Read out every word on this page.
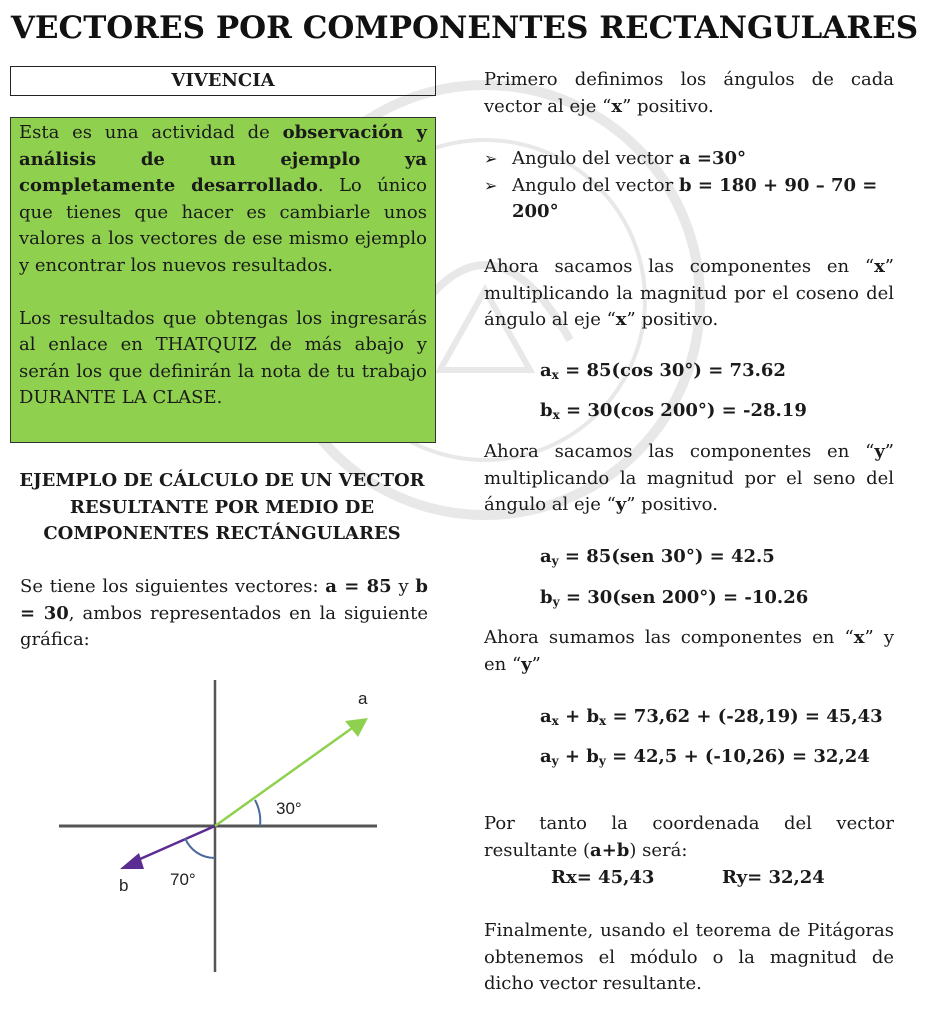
VECTORES POR COMPONENTES RECTANGULARES
VIVENCIA

Esta es una actividad de observación y análisis de un ejemplo ya completamente desarrollado. Lo único que tienes que hacer es cambiarle unos valores a los vectores de ese mismo ejemplo y encontrar los nuevos resultados.

Los resultados que obtengas los ingresarás al enlace en THATQUIZ de más abajo y serán los que definirán la nota de tu trabajo DURANTE LA CLASE.

EJEMPLO DE CÁLCULO DE UN VECTOR RESULTANTE POR MEDIO DE COMPONENTES RECTÁNGULARES

Se tiene los siguientes vectores: a = 85 y b = 30, ambos representados en la siguiente gráfica:

a
b
30°
70°

Primero definimos los ángulos de cada vector al eje “x” positivo.

➢ Angulo del vector a =30°
➢ Angulo del vector b = 180 + 90 – 70 = 200°

Ahora sacamos las componentes en “x” multiplicando la magnitud por el coseno del ángulo al eje “x” positivo.

$a_x = 85(\cos$ 30°) = 73.62
$b_x = 30(\cos$ 200°) = -28.19

Ahora sacamos las componentes en “y” multiplicando la magnitud por el seno del ángulo al eje “y” positivo.

$a_y = 85(sen$ 30°) = 42.5
$b_y = 30(sen$ 200°) = -10.26

Ahora sumamos las componentes en “x” y en “y”

$a_x + b_x = 73,62 + (-28,19) = 45,43$
$a_y + b_y = 42,5 + (-10,26) = 32,24$

Por tanto la coordenada del vector resultante (a+b) será:

Rx= 45,43	Ry= 32,24

Finalmente, usando el teorema de Pitágoras obtenemos el módulo o la magnitud de dicho vector resultante.
